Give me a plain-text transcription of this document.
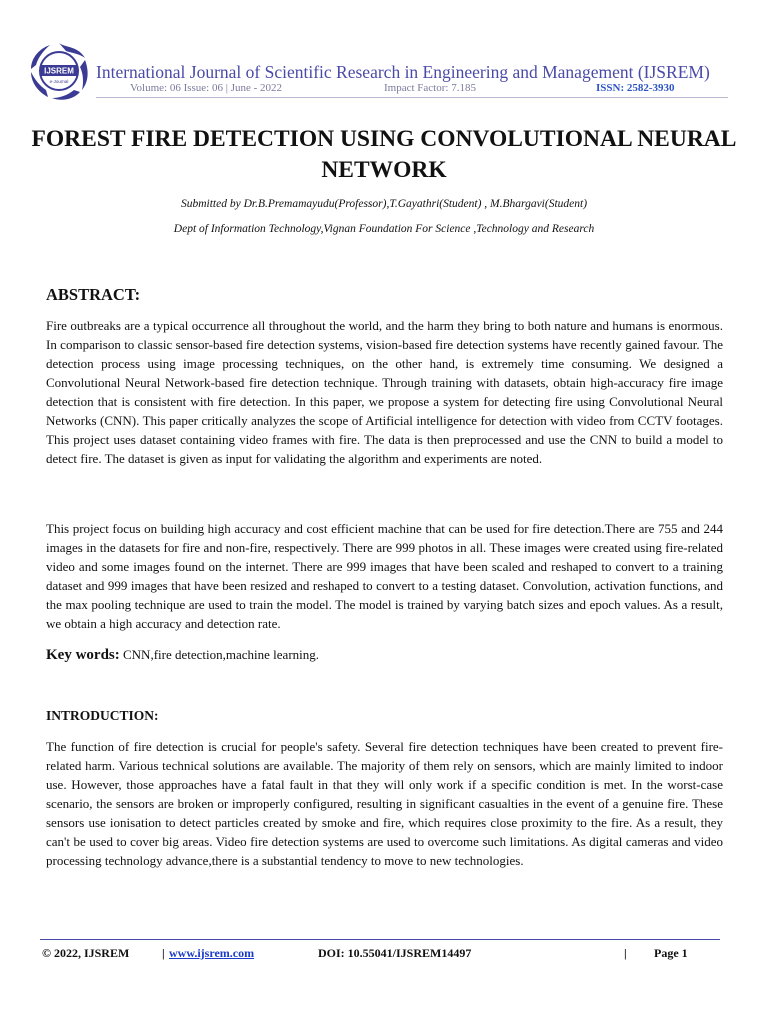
IJSREM
e-Journal International Journal of Scientific Research in Engineering and Management (IJSREM)
Volume: 06 Issue: 06 | June - 2022	Impact Factor: 7.185	ISSN: 2582-3930
FOREST FIRE DETECTION USING CONVOLUTIONAL NEURAL NETWORK
Submitted by Dr.B.Premamayudu(Professor),T.Gayathri(Student) , M.Bhargavi(Student)
Dept of Information Technology,Vignan Foundation For Science ,Technology and Research
ABSTRACT:

Fire outbreaks are a typical occurrence all throughout the world, and the harm they bring to both nature and humans is enormous. In comparison to classic sensor-based fire detection systems, vision-based fire detection systems have recently gained favour. The detection process using image processing techniques, on the other hand, is extremely time consuming. We designed a Convolutional Neural Network-based fire detection technique. Through training with datasets, obtain high-accuracy fire image detection that is consistent with fire detection. In this paper, we propose a system for detecting fire using Convolutional Neural Networks (CNN). This paper critically analyzes the scope of Artificial intelligence for detection with video from CCTV footages. This project uses dataset containing video frames with fire. The data is then preprocessed and use the CNN to build a model to detect fire. The dataset is given as input for validating the algorithm and experiments are noted.

This project focus on building high accuracy and cost efficient machine that can be used for fire detection.There are 755 and 244 images in the datasets for fire and non-fire, respectively. There are 999 photos in all. These images were created using fire-related video and some images found on the internet. There are 999 images that have been scaled and reshaped to convert to a training dataset and 999 images that have been resized and reshaped to convert to a testing dataset. Convolution, activation functions, and the max pooling technique are used to train the model. The model is trained by varying batch sizes and epoch values. As a result, we obtain a high accuracy and detection rate.

Key words: CNN,fire detection,machine learning.
INTRODUCTION:

The function of fire detection is crucial for people's safety. Several fire detection techniques have been created to prevent fire-related harm. Various technical solutions are available. The majority of them rely on sensors, which are mainly limited to indoor use. However, those approaches have a fatal fault in that they will only work if a specific condition is met. In the worst-case scenario, the sensors are broken or improperly configured, resulting in significant casualties in the event of a genuine fire. These sensors use ionisation to detect particles created by smoke and fire, which requires close proximity to the fire. As a result, they can't be used to cover big areas. Video fire detection systems are used to overcome such limitations. As digital cameras and video processing technology advance,there is a substantial tendency to move to new technologies.

© 2022, IJSREM	| www.ijsrem.com	DOI: 10.55041/IJSREM14497	| Page 1
